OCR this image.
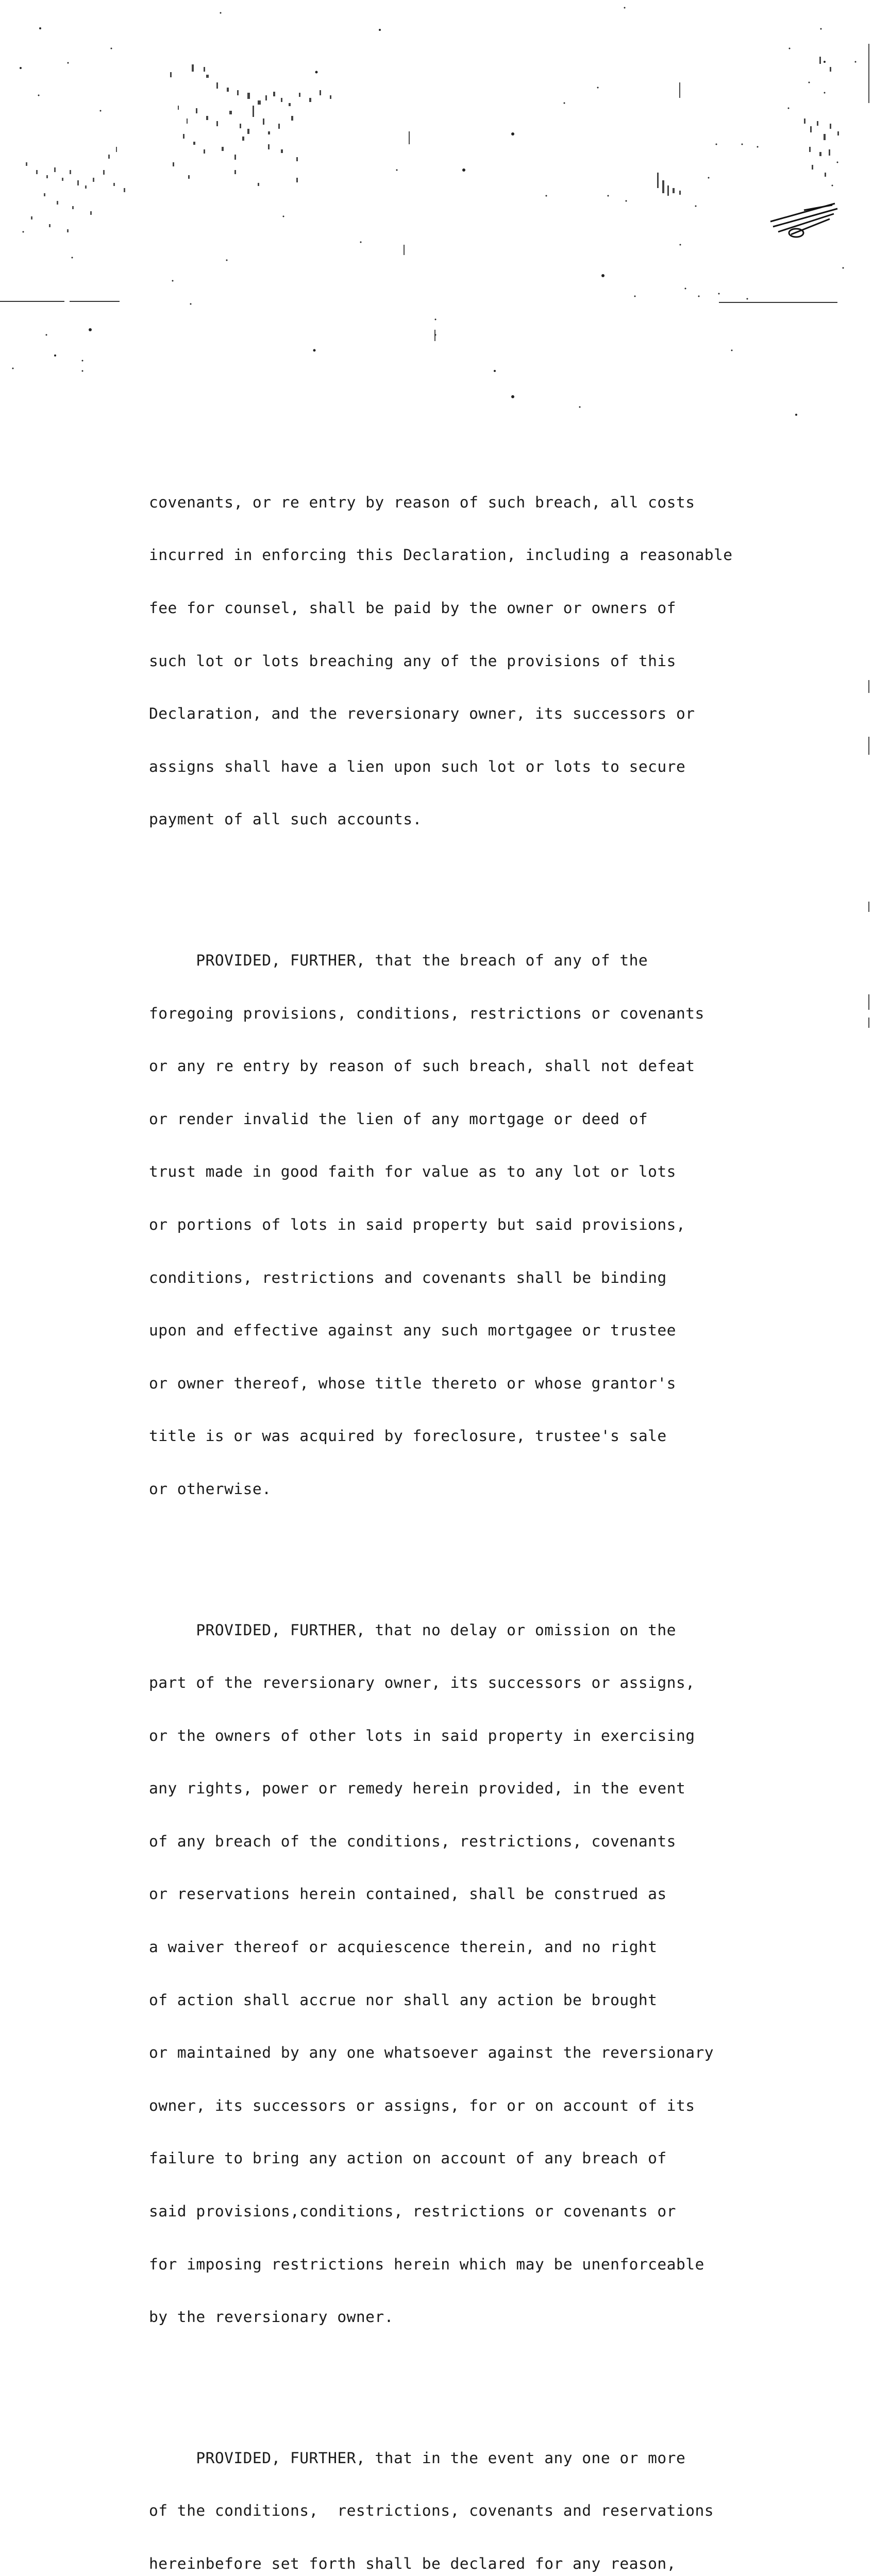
covenants, or re entry by reason of such breach, all costs

incurred in enforcing this Declaration, including a reasonable

fee for counsel, shall be paid by the owner or owners of

such lot or lots breaching any of the provisions of this

Declaration, and the reversionary owner, its successors or

assigns shall have a lien upon such lot or lots to secure

payment of all such accounts.

PROVIDED, FURTHER, that the breach of any of the

foregoing provisions, conditions, restrictions or covenants

or any re entry by reason of such breach, shall not defeat

or render invalid the lien of any mortgage or deed of

trust made in good faith for value as to any lot or lots

or portions of lots in said property but said provisions,

conditions, restrictions and covenants shall be binding

upon and effective against any such mortgagee or trustee

or owner thereof, whose title thereto or whose grantor's

title is or was acquired by foreclosure, trustee's sale

or otherwise.

PROVIDED, FURTHER, that no delay or omission on the

part of the reversionary owner, its successors or assigns,

or the owners of other lots in said property in exercising

any rights, power or remedy herein provided, in the event

of any breach of the conditions, restrictions, covenants

or reservations herein contained, shall be construed as

a waiver thereof or acquiescence therein, and no right

of action shall accrue nor shall any action be brought

or maintained by any one whatsoever against the reversionary

owner, its successors or assigns, for or on account of its

failure to bring any action on account of any breach of

said provisions,conditions, restrictions or covenants or

for imposing restrictions herein which may be unenforceable

by the reversionary owner.

PROVIDED, FURTHER, that in the event any one or more

of the conditions,  restrictions, covenants and reservations

hereinbefore set forth shall be declared for any reason,
